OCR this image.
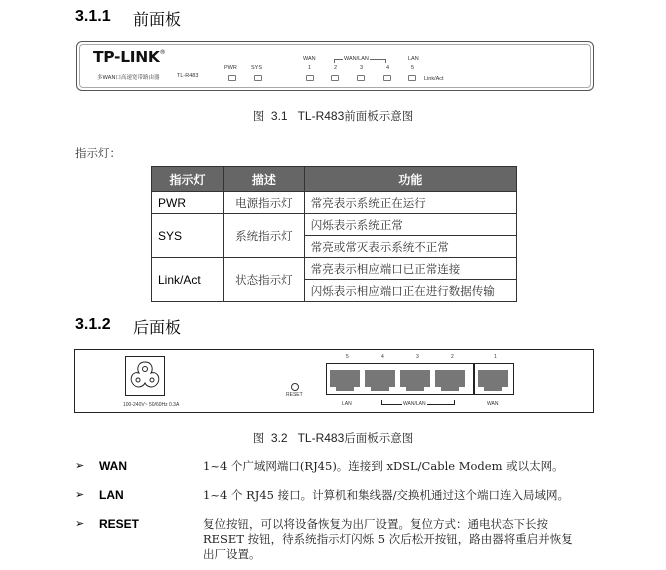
3.1.1 前面板
TP-LINK®
多WAN口高速宽带路由器	TL-R483
PWR	SYS
WAN	WAN/LAN	LAN
1	2	3	4	5
Link/Act
图 3.1 TL-R483前面板示意图
指示灯：
指示灯	描述	功能
PWR	电源指示灯	常亮表示系统正在运行
SYS	系统指示灯	闪烁表示系统正常
		常亮或常灭表示系统不正常
Link/Act	状态指示灯	常亮表示相应端口已正常连接
		闪烁表示相应端口正在进行数据传输
3.1.2 后面板
100-240V~ 50/60Hz 0.3A
RESET
5	4	3	2	1
LAN	WAN/LAN	WAN
图 3.2 TL-R483后面板示意图
➢ WAN	1~4 个广域网端口(RJ45)。连接到 xDSL/Cable Modem 或以太网。
➢ LAN	1~4 个 RJ45 接口。计算机和集线器/交换机通过这个端口连入局域网。
➢ RESET	复位按钮，可以将设备恢复为出厂设置。复位方式：通电状态下长按
RESET 按钮，待系统指示灯闪烁 5 次后松开按钮，路由器将重启并恢复
出厂设置。
